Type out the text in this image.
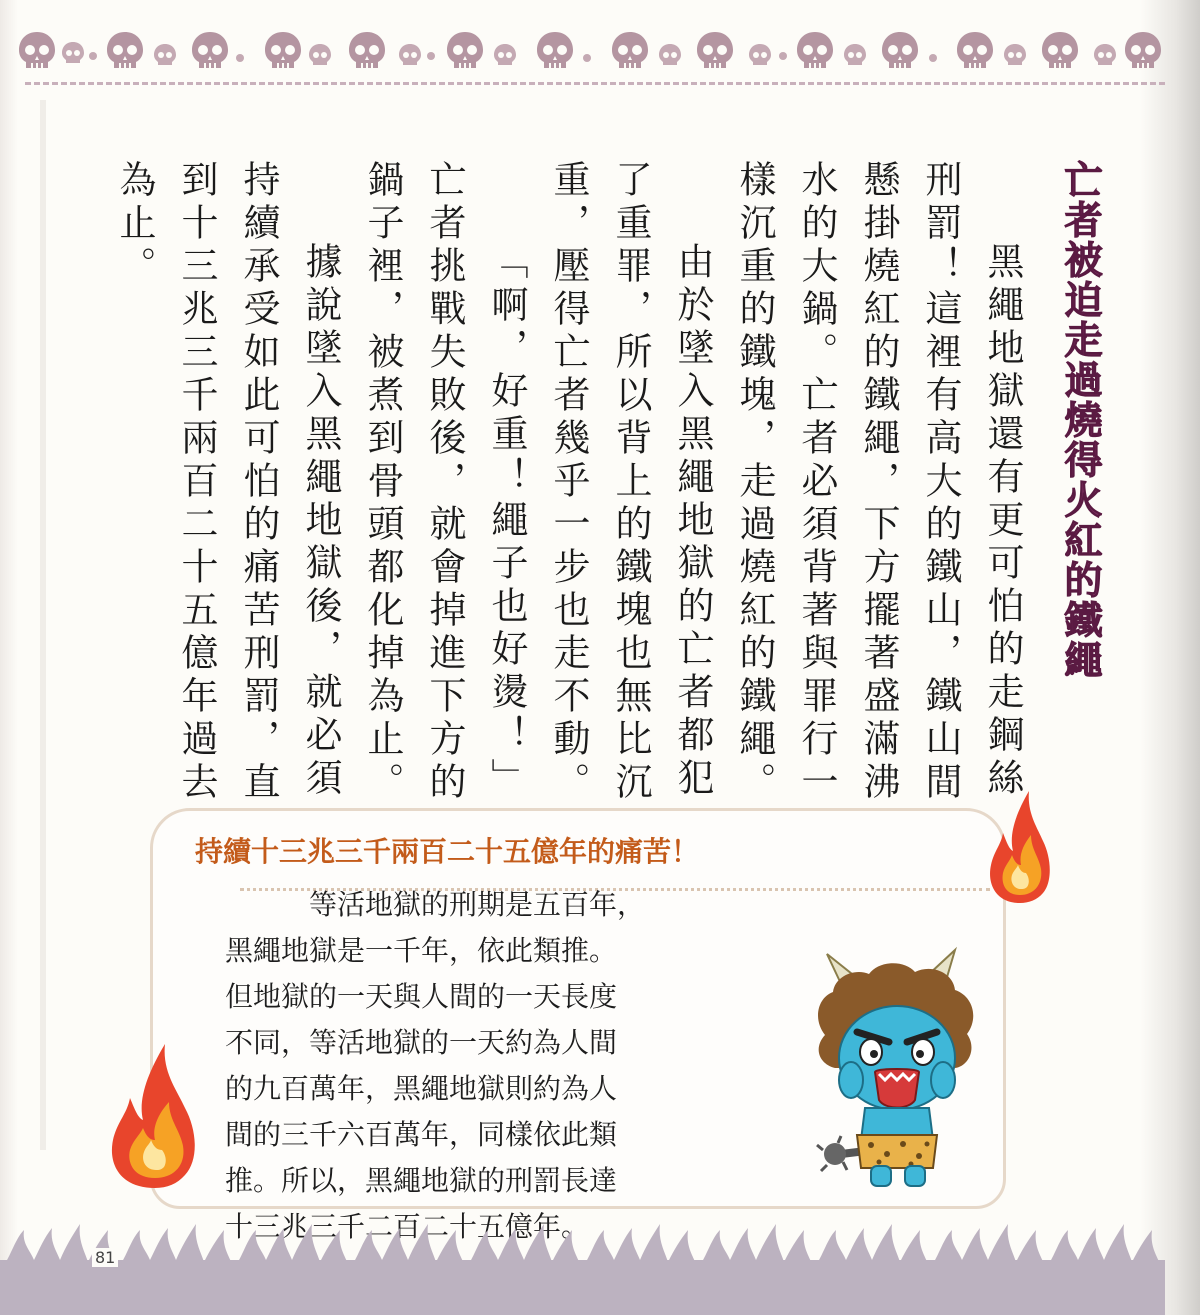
亡者被迫走過燒得火紅的鐵繩
黑繩地獄還有更可怕的走鋼絲
刑罰！這裡有高大的鐵山，鐵山間
懸掛燒紅的鐵繩，下方擺著盛滿沸
水的大鍋。亡者必須背著與罪行一
樣沉重的鐵塊，走過燒紅的鐵繩。
由於墜入黑繩地獄的亡者都犯
了重罪，所以背上的鐵塊也無比沉
重，壓得亡者幾乎一步也走不動。
「啊，好重！繩子也好燙！」
亡者挑戰失敗後，就會掉進下方的
鍋子裡，被煮到骨頭都化掉為止。
據說墜入黑繩地獄後，就必須
持續承受如此可怕的痛苦刑罰，直
到十三兆三千兩百二十五億年過去
為止。
持續十三兆三千兩百二十五億年的痛苦！
等活地獄的刑期是五百年，
黑繩地獄是一千年，依此類推。
但地獄的一天與人間的一天長度
不同，等活地獄的一天約為人間
的九百萬年，黑繩地獄則約為人
間的三千六百萬年，同樣依此類
推。所以，黑繩地獄的刑罰長達
十三兆三千二百二十五億年。
81
